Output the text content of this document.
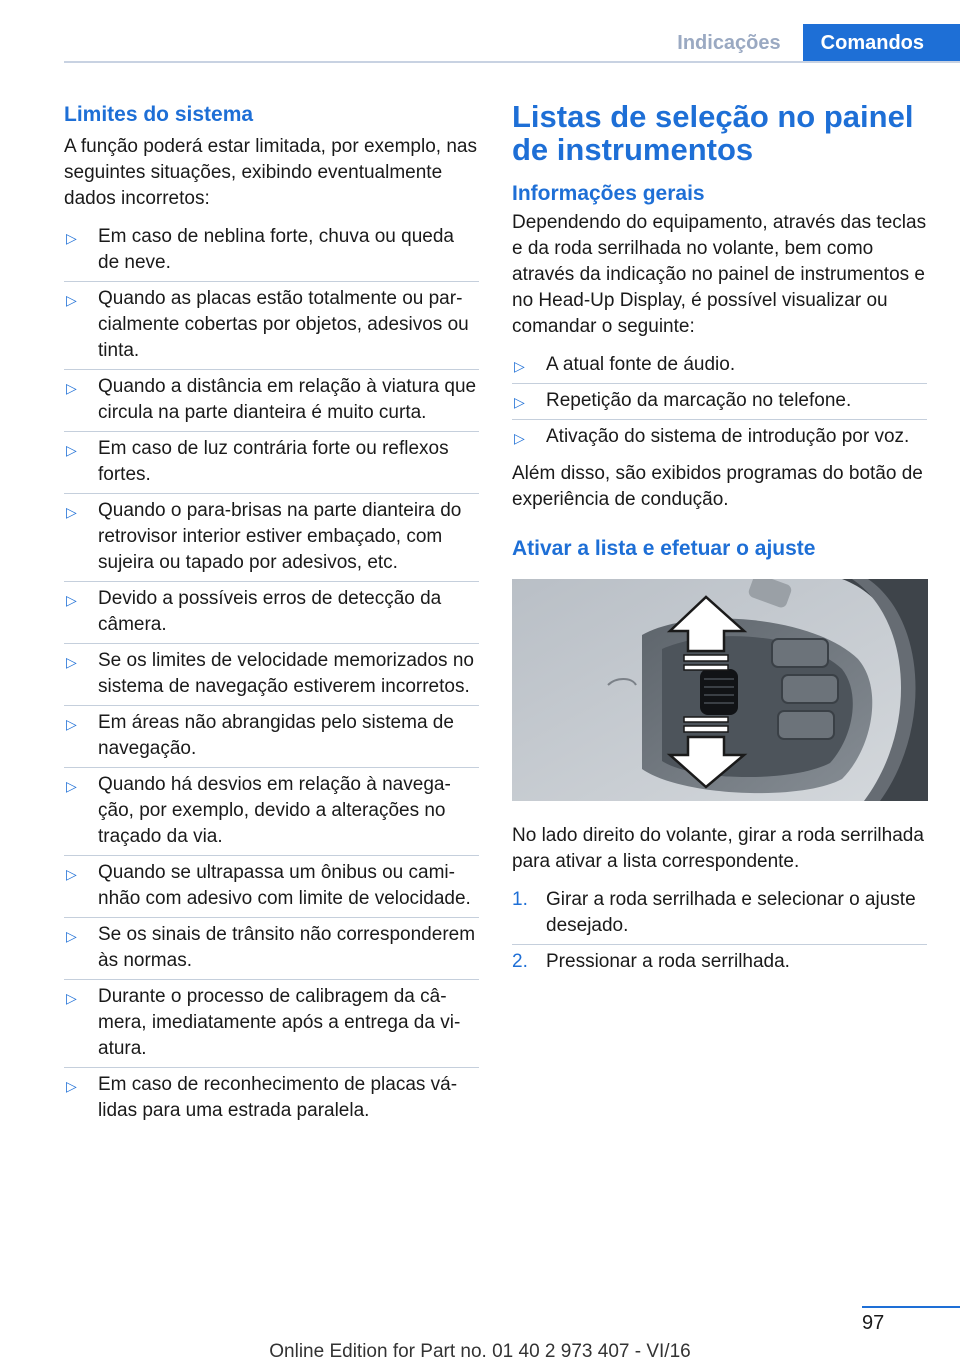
Indicações	Comandos
Limites do sistema

A função poderá estar limitada, por exemplo, nas seguintes situações, exibindo eventualmente dados incorretos:

▷ Em caso de neblina forte, chuva ou queda de neve.
▷ Quando as placas estão totalmente ou parcialmente cobertas por objetos, adesivos ou tinta.
▷ Quando a distância em relação à viatura que circula na parte dianteira é muito curta.
▷ Em caso de luz contrária forte ou reflexos fortes.
▷ Quando o para-brisas na parte dianteira do retrovisor interior estiver embaçado, com sujeira ou tapado por adesivos, etc.
▷ Devido a possíveis erros de detecção da câmera.
▷ Se os limites de velocidade memorizados no sistema de navegação estiverem incorretos.
▷ Em áreas não abrangidas pelo sistema de navegação.
▷ Quando há desvios em relação à navegação, por exemplo, devido a alterações no traçado da via.
▷ Quando se ultrapassa um ônibus ou caminhão com adesivo com limite de velocidade.
▷ Se os sinais de trânsito não corresponderem às normas.
▷ Durante o processo de calibragem da câmera, imediatamente após a entrega da viatura.
▷ Em caso de reconhecimento de placas válidas para uma estrada paralela.
Listas de seleção no painel de instrumentos
Informações gerais

Dependendo do equipamento, através das teclas e da roda serrilhada no volante, bem como através da indicação no painel de instrumentos e no Head-Up Display, é possível visualizar ou comandar o seguinte:

▷ A atual fonte de áudio.
▷ Repetição da marcação no telefone.
▷ Ativação do sistema de introdução por voz.

Além disso, são exibidos programas do botão de experiência de condução.

Ativar a lista e efetuar o ajuste

No lado direito do volante, girar a roda serrilhada para ativar a lista correspondente.

1. Girar a roda serrilhada e selecionar o ajuste desejado.
2. Pressionar a roda serrilhada.
97
Online Edition for Part no. 01 40 2 973 407 - VI/16
